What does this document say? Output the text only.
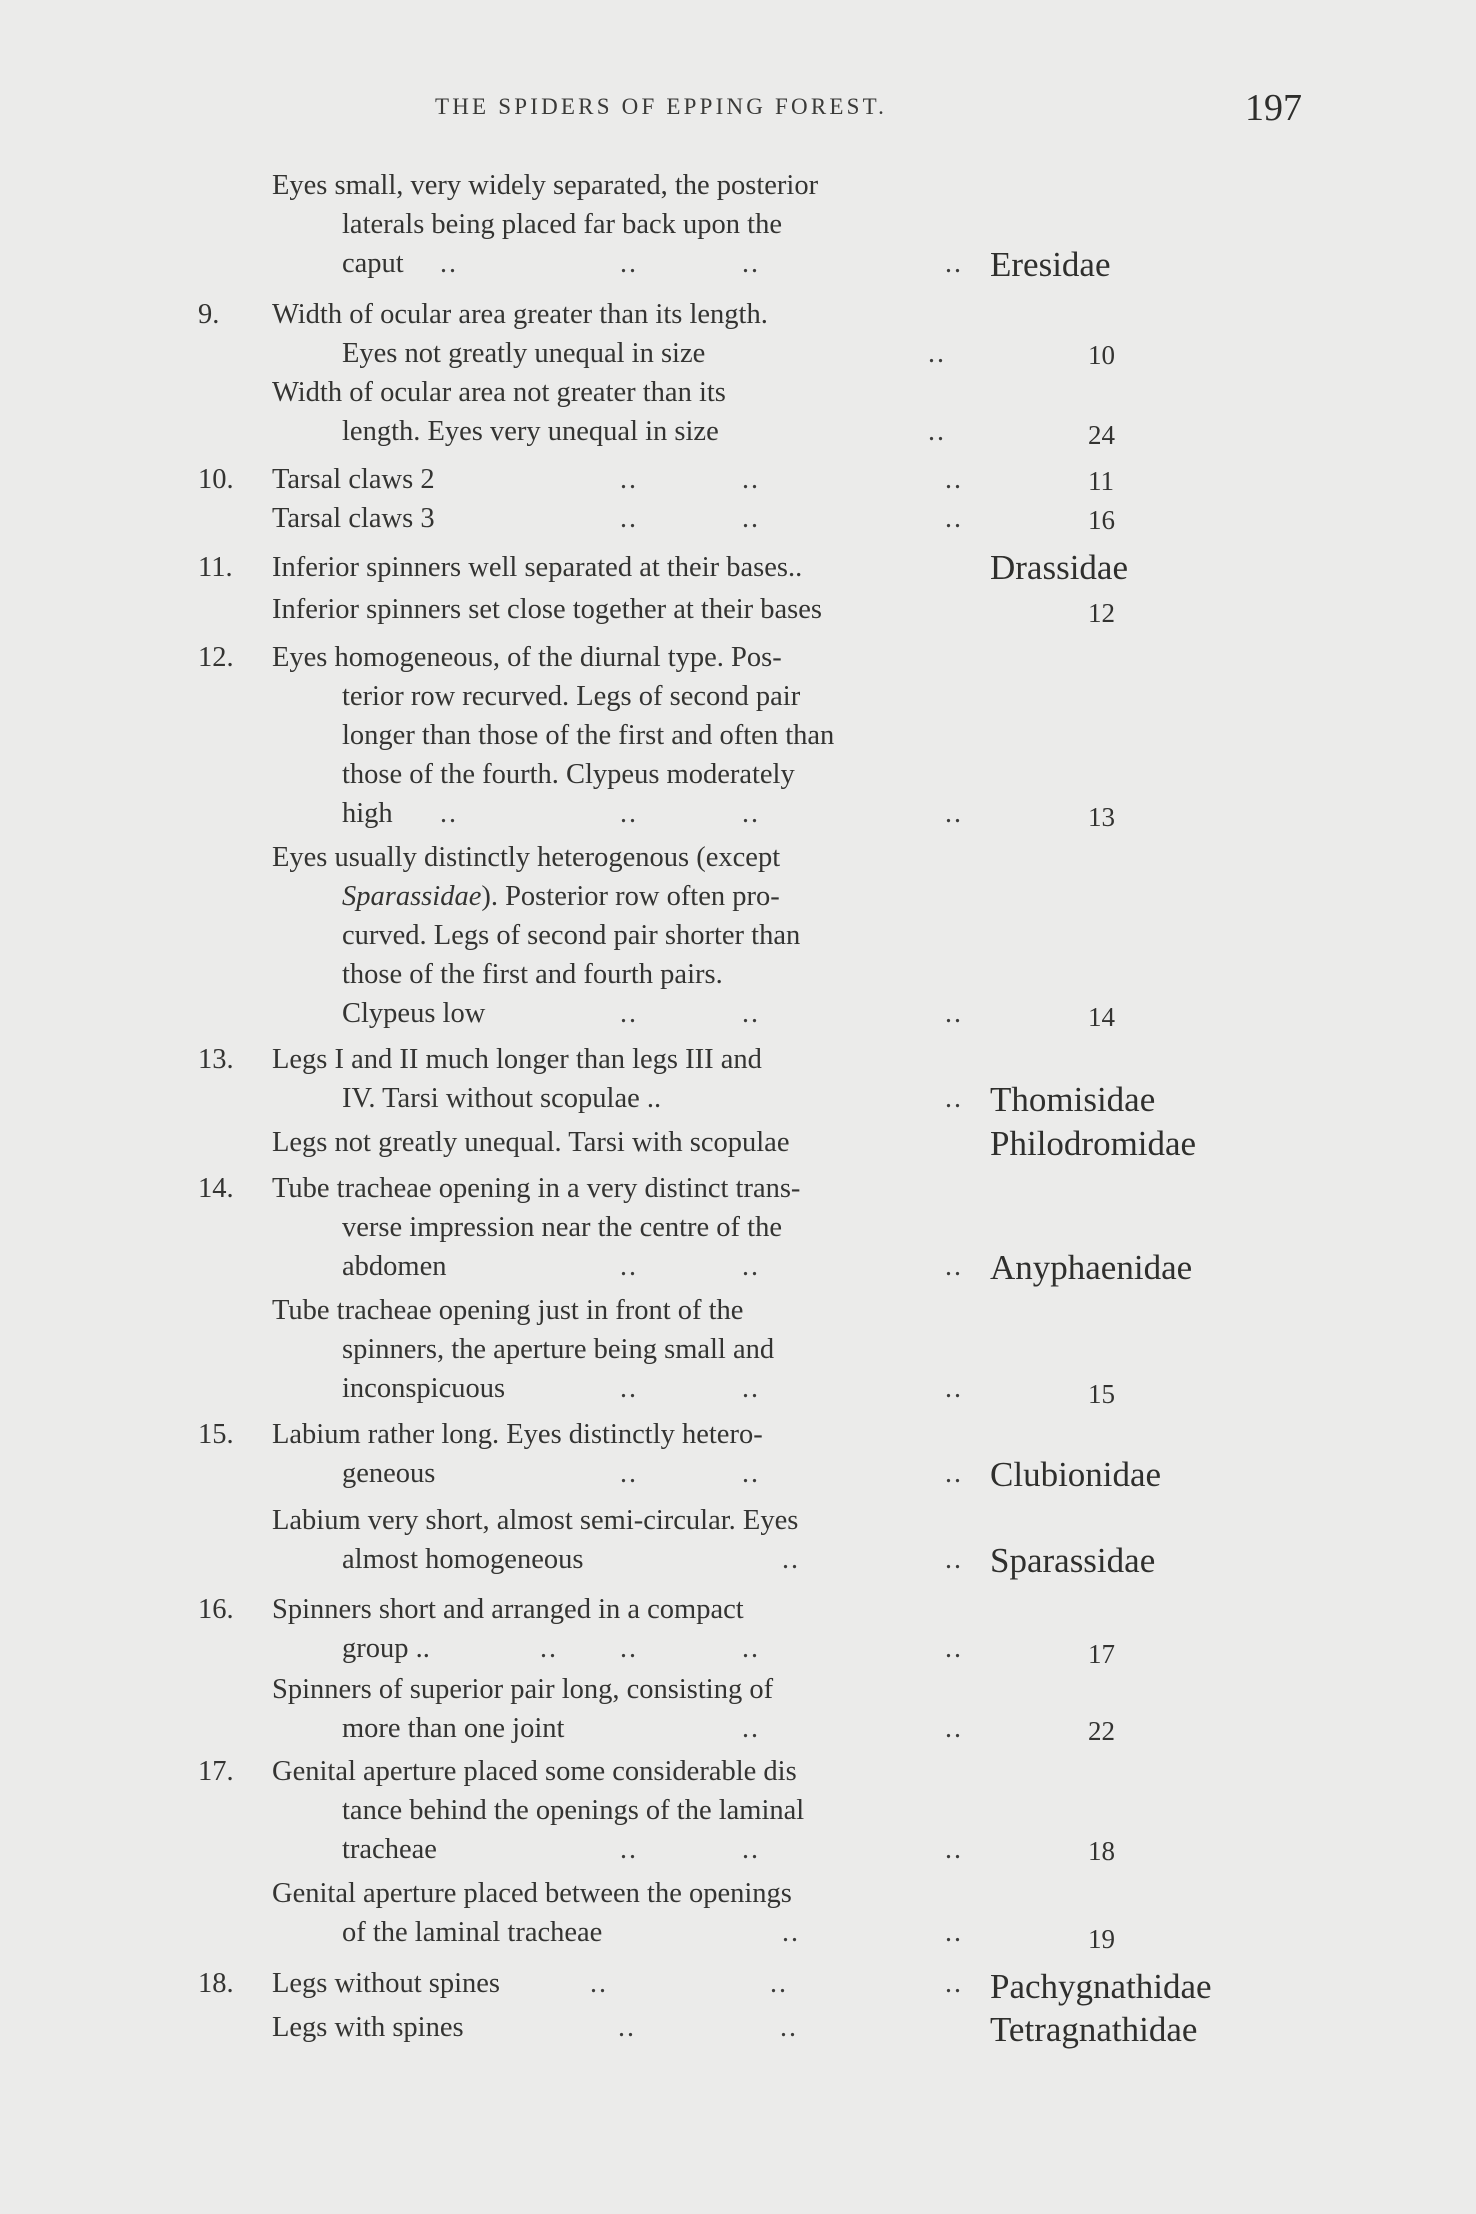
THE SPIDERS OF EPPING FOREST.	197
Eyes small, very widely separated, the posterior
laterals being placed far back upon the
caput ..	..	..	.. Eresidae
9.	Width of ocular area greater than its length.
Eyes not greatly unequal in size	..	10
Width of ocular area not greater than its
length. Eyes very unequal in size	..	24
10.	Tarsal claws 2	..	..	..	11
Tarsal claws 3	..	..	..	16
11.	Inferior spinners well separated at their bases..	Drassidae
Inferior spinners set close together at their bases	12
12.	Eyes homogeneous, of the diurnal type. Pos-
terior row recurved. Legs of second pair
longer than those of the first and often than
those of the fourth. Clypeus moderately
high ..	..	..	..	13
Eyes usually distinctly heterogenous (except
Sparassidae). Posterior row often pro-
curved. Legs of second pair shorter than
those of the first and fourth pairs.
Clypeus low	..	..	..	14
13.	Legs I and II much longer than legs III and
IV. Tarsi without scopulae ..	.. Thomisidae
Legs not greatly unequal. Tarsi with scopulae	Philodromidae
14.	Tube tracheae opening in a very distinct trans-
verse impression near the centre of the
abdomen	..	..	.. Anyphaenidae
Tube tracheae opening just in front of the
spinners, the aperture being small and
inconspicuous	..	..	..	15
15.	Labium rather long. Eyes distinctly hetero-
geneous	..	..	.. Clubionidae
Labium very short, almost semi-circular. Eyes
almost homogeneous	..	.. Sparassidae
16.	Spinners short and arranged in a compact
group ..	.. ..	..	..	17
Spinners of superior pair long, consisting of
more than one joint	..	..	22
17.	Genital aperture placed some considerable dis
tance behind the openings of the laminal
tracheae	..	..	..	18
Genital aperture placed between the openings
of the laminal tracheae	..	..	19
18.	Legs without spines	..	..	.. Pachygnathidae
Legs with spines	..	..	Tetragnathidae
